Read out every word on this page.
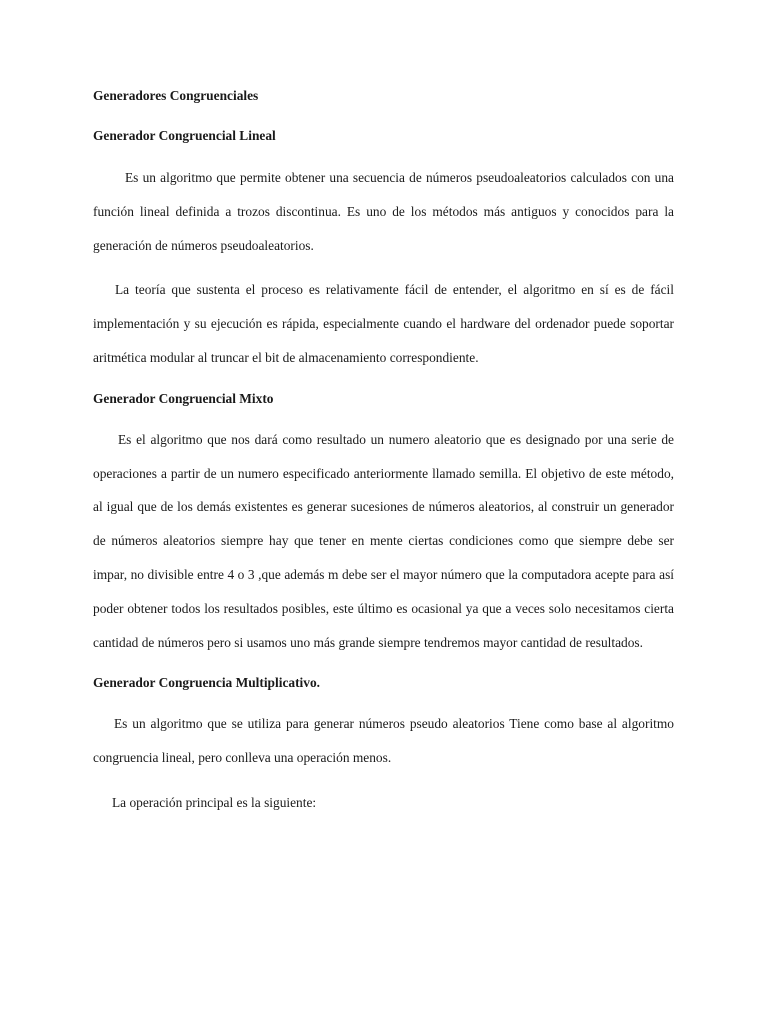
Generadores Congruenciales
Generador Congruencial Lineal

Es un algoritmo que permite obtener una secuencia de números pseudoaleatorios calculados con una función lineal definida a trozos discontinua. Es uno de los métodos más antiguos y conocidos para la generación de números pseudoaleatorios.

La teoría que sustenta el proceso es relativamente fácil de entender, el algoritmo en sí es de fácil implementación y su ejecución es rápida, especialmente cuando el hardware del ordenador puede soportar aritmética modular al truncar el bit de almacenamiento correspondiente.

Generador Congruencial Mixto

Es el algoritmo que nos dará como resultado un numero aleatorio que es designado por una serie de operaciones a partir de un numero especificado anteriormente llamado semilla. El objetivo de este método, al igual que de los demás existentes es generar sucesiones de números aleatorios, al construir un generador de números aleatorios siempre hay que tener en mente ciertas condiciones como que siempre debe ser impar, no divisible entre 4 o 3 ,que además m debe ser el mayor número que la computadora acepte para así poder obtener todos los resultados posibles, este último es ocasional ya que a veces solo necesitamos cierta cantidad de números pero si usamos uno más grande siempre tendremos mayor cantidad de resultados.

Generador Congruencia Multiplicativo.

Es un algoritmo que se utiliza para generar números pseudo aleatorios Tiene como base al algoritmo congruencia lineal, pero conlleva una operación menos.

La operación principal es la siguiente:
